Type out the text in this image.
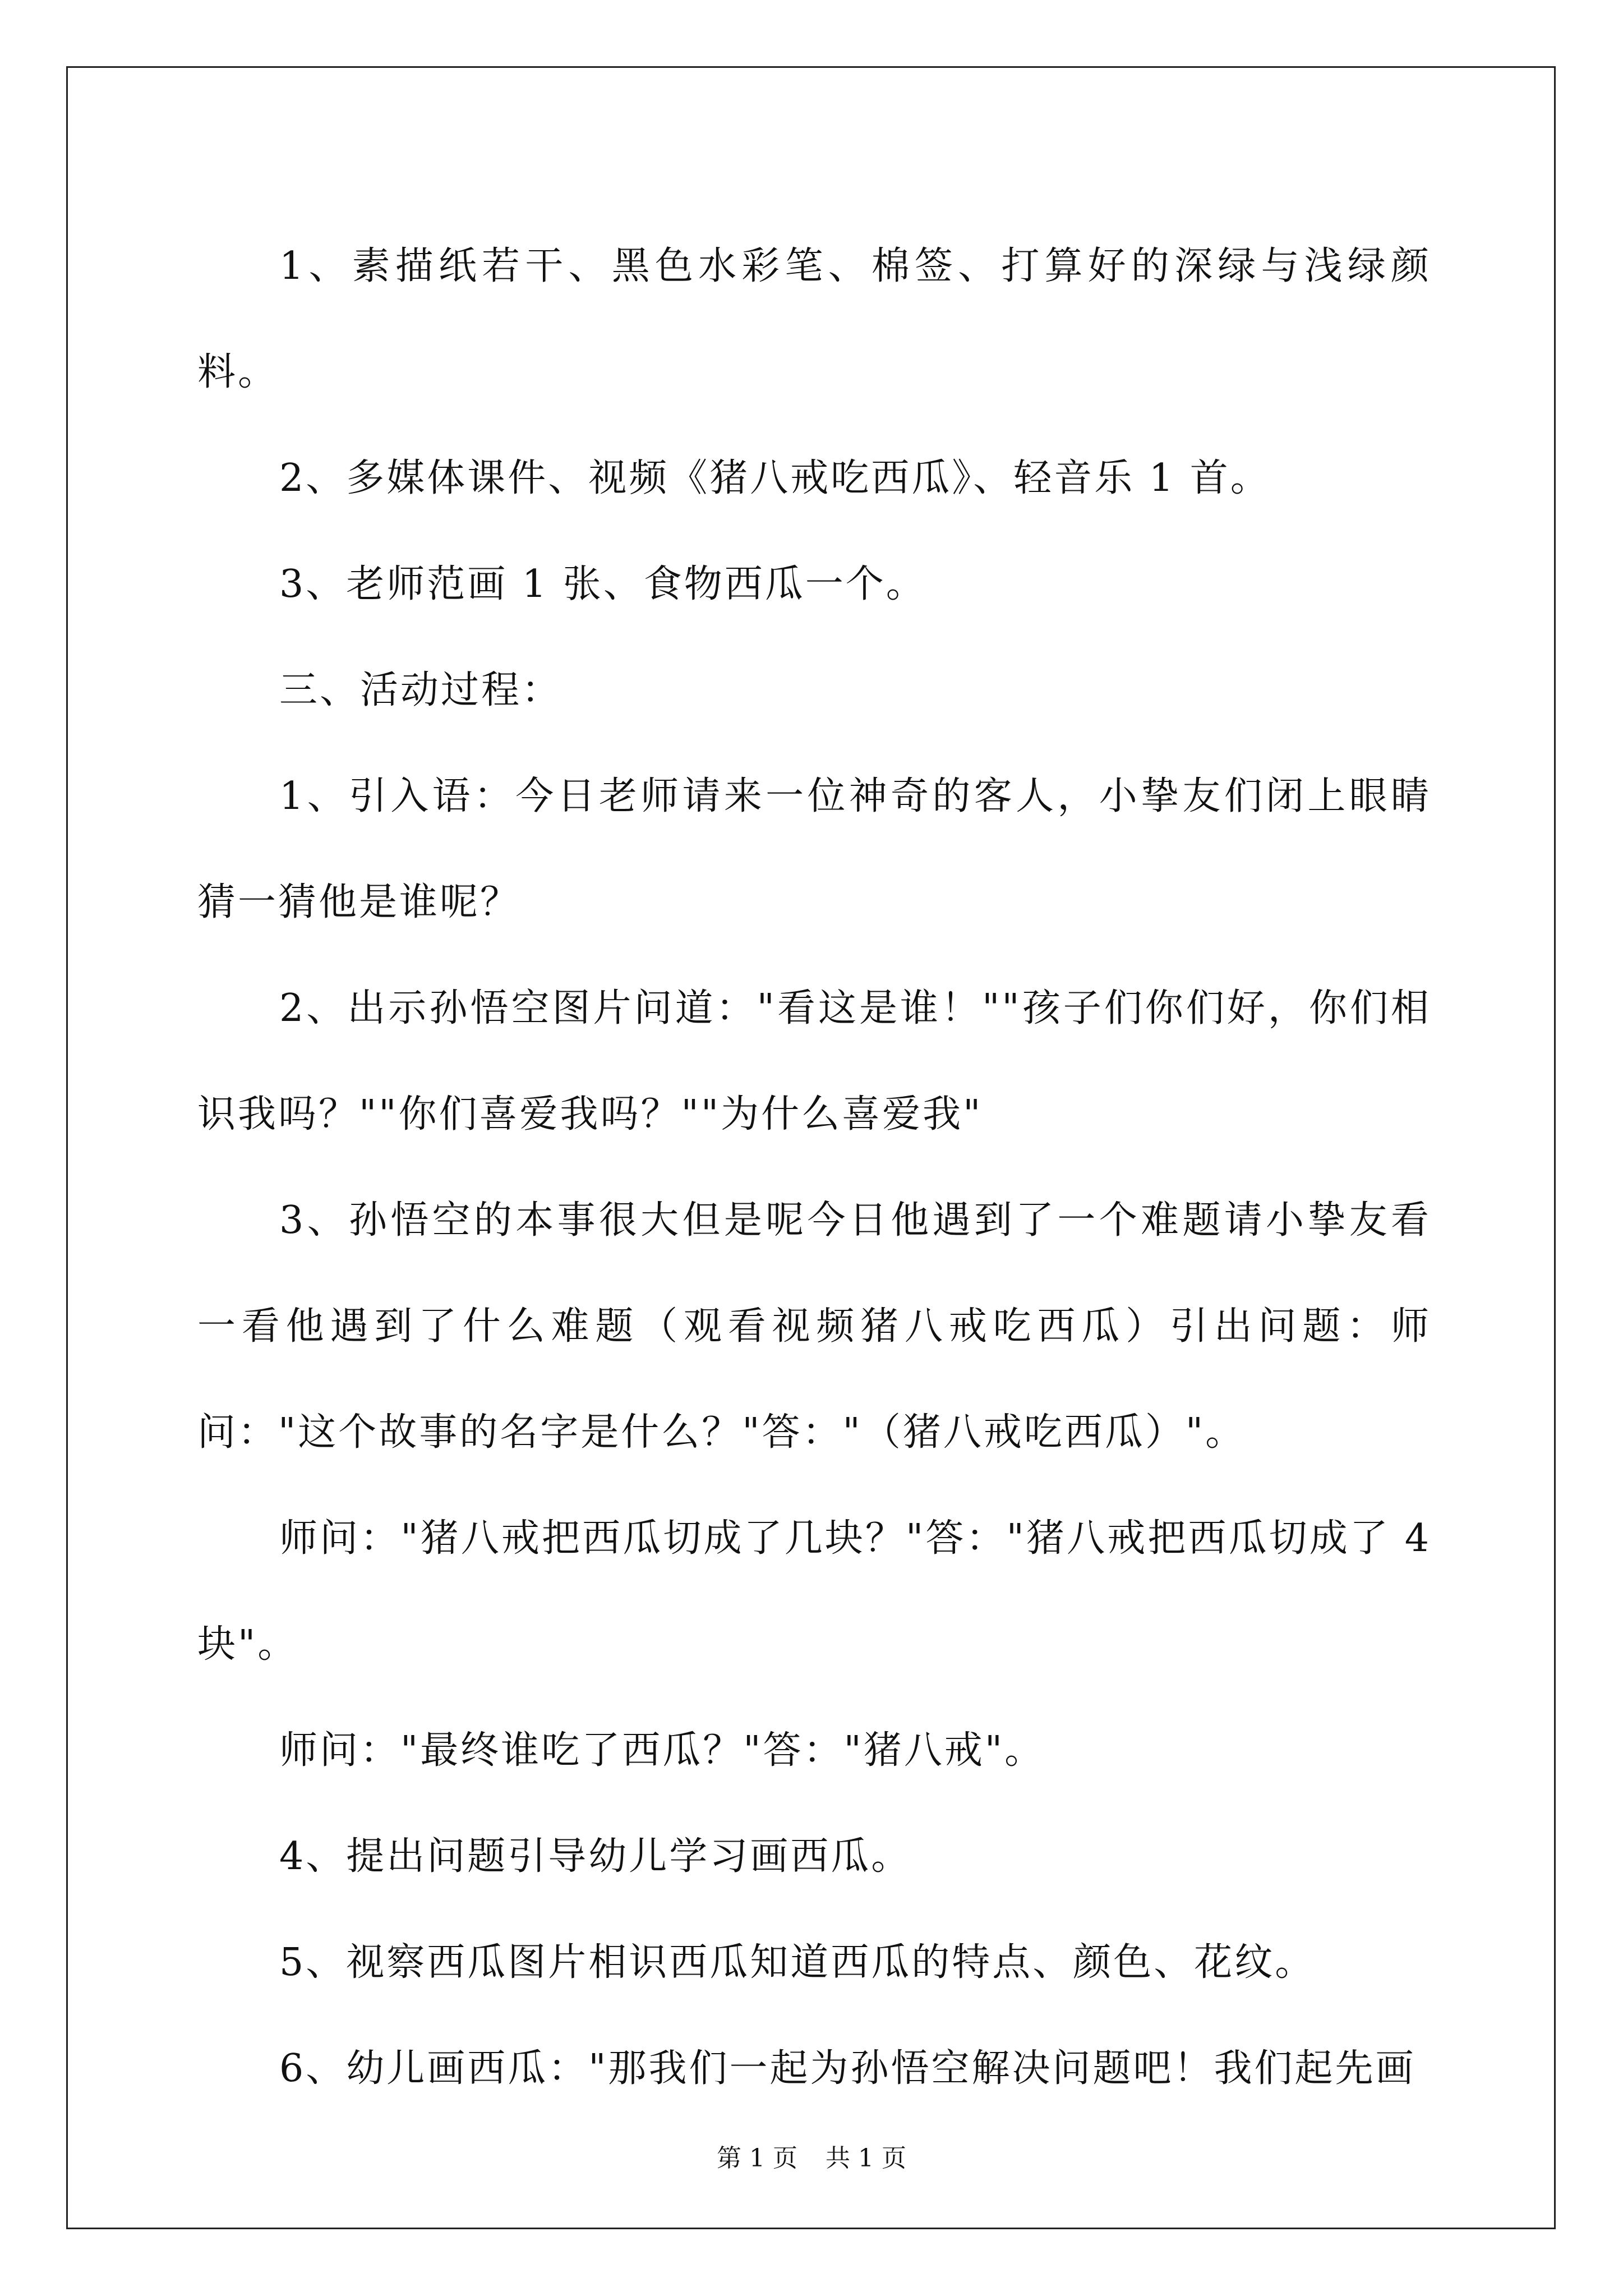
1、素描纸若干、黑色水彩笔、棉签、打算好的深绿与浅绿颜料。

2、多媒体课件、视频《猪八戒吃西瓜》、轻音乐 1 首。

3、老师范画 1 张、食物西瓜一个。

三、活动过程：

1、引入语：今日老师请来一位神奇的客人，小挚友们闭上眼睛猜一猜他是谁呢？

2、出示孙悟空图片问道："看这是谁！""孩子们你们好，你们相识我吗？""你们喜爱我吗？""为什么喜爱我"

3、孙悟空的本事很大但是呢今日他遇到了一个难题请小挚友看一看他遇到了什么难题（观看视频猪八戒吃西瓜）引出问题：师问："这个故事的名字是什么？"答："（猪八戒吃西瓜）"。

师问："猪八戒把西瓜切成了几块？"答："猪八戒把西瓜切成了 4 块"。

师问："最终谁吃了西瓜？"答："猪八戒"。

4、提出问题引导幼儿学习画西瓜。

5、视察西瓜图片相识西瓜知道西瓜的特点、颜色、花纹。

6、幼儿画西瓜："那我们一起为孙悟空解决问题吧！我们起先画

第 1 页 共 1 页
